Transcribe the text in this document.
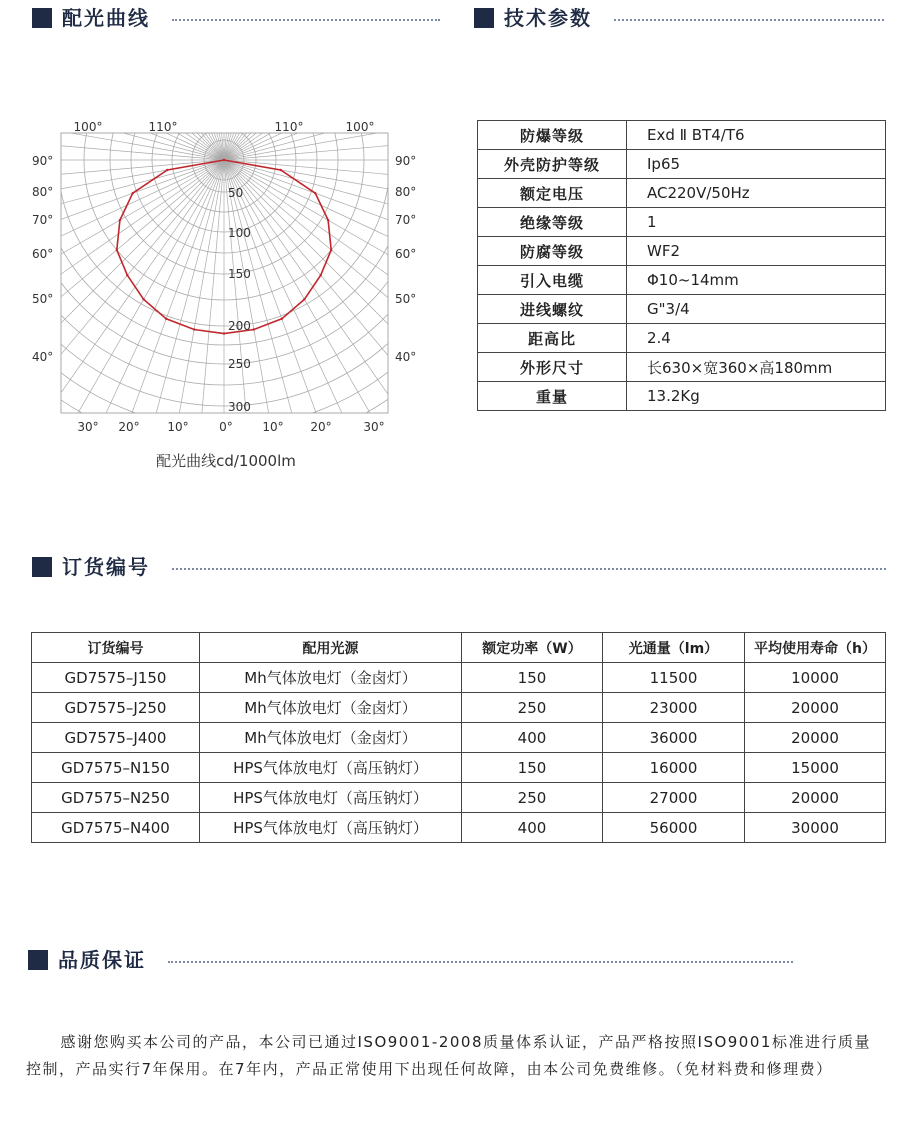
配光曲线	技术参数
100°	110°	110°	100°
90°
80°
70°
60°
50°
40°
90°
80°
70°
60°
50°
40°
30° 20° 10°	0° 10° 20°	30°
50
100
150
200
250
300
配光曲线cd/1000lm
防爆等级	Exd Ⅱ BT4/T6
外壳防护等级	Ip65
额定电压	AC220V/50Hz
绝缘等级	1
防腐等级	WF2
引入电缆	Φ10~14mm
进线螺纹	G"3/4
距高比	2.4
外形尺寸	长630×宽360×高180mm
重量	13.2Kg
订货编号
订货编号	配用光源	额定功率（W）	光通量（lm）	平均使用寿命（h）
GD7575–J150	Mh气体放电灯（金卤灯）	150	11500	10000
GD7575–J250	Mh气体放电灯（金卤灯）	250	23000	20000
GD7575–J400	Mh气体放电灯（金卤灯）	400	36000	20000
GD7575–N150	HPS气体放电灯（高压钠灯）	150	16000	15000
GD7575–N250	HPS气体放电灯（高压钠灯）	250	27000	20000
GD7575–N400	HPS气体放电灯（高压钠灯）	400	56000	30000
品质保证

感谢您购买本公司的产品，本公司已通过ISO9001-2008质量体系认证，产品严格按照ISO9001标准进行质量控制，产品实行7年保用。在7年内，产品正常使用下出现任何故障，由本公司免费维修。（免材料费和修理费）
